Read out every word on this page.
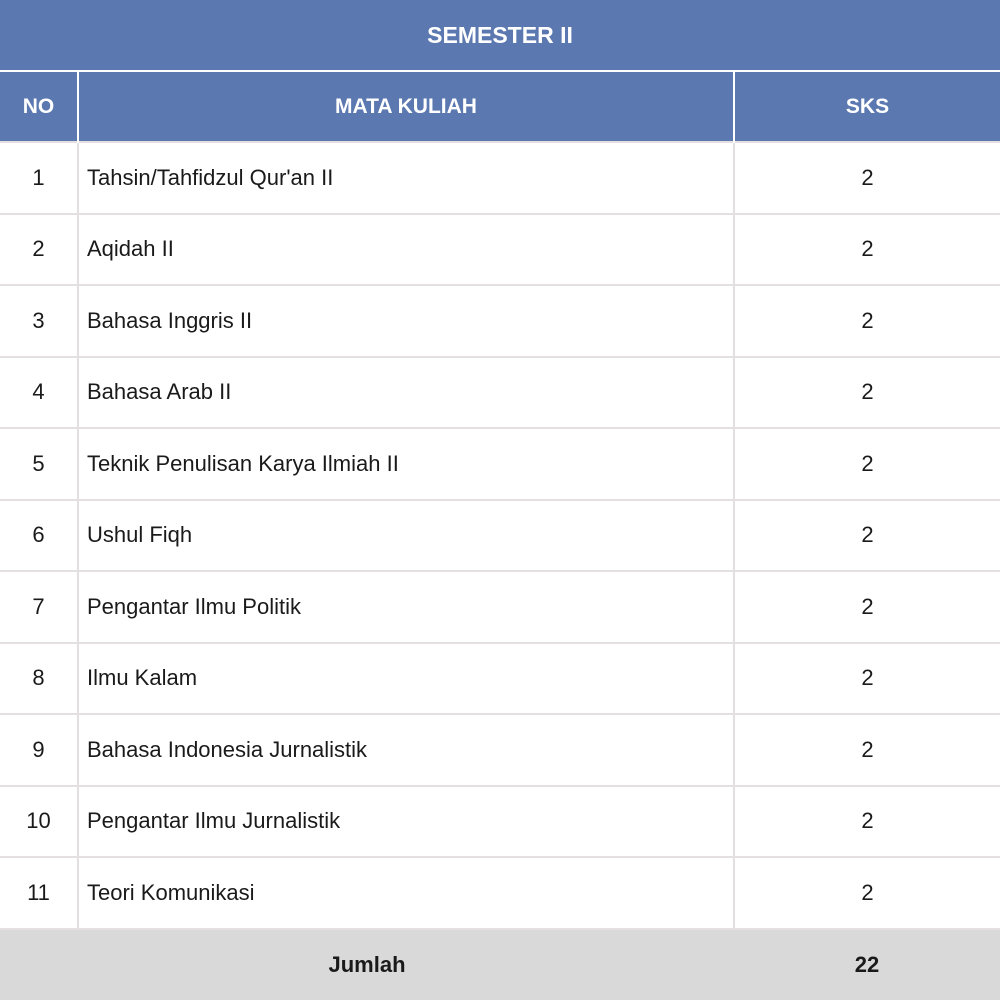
SEMESTER II		
NO	MATA KULIAH	SKS
1	Tahsin/Tahfidzul Qur'an II	2
2	Aqidah II	2
3	Bahasa Inggris II	2
4	Bahasa Arab II	2
5	Teknik Penulisan Karya Ilmiah II	2
6	Ushul Fiqh	2
7	Pengantar Ilmu Politik	2
8	Ilmu Kalam	2
9	Bahasa Indonesia Jurnalistik	2
10	Pengantar Ilmu Jurnalistik	2
11	Teori Komunikasi	2
Jumlah		22
